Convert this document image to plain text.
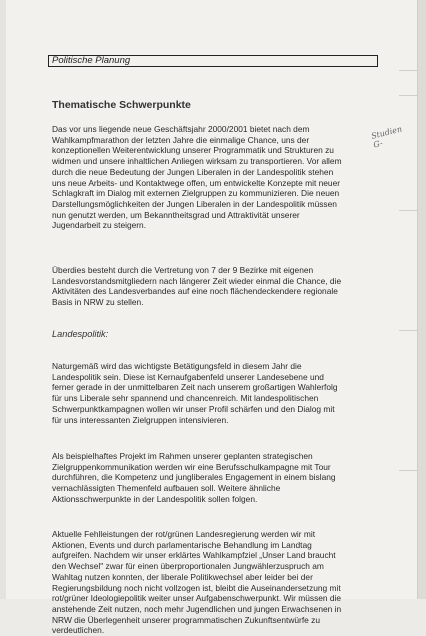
Politische Planung
Thematische Schwerpunkte

Das vor uns liegende neue Geschäftsjahr 2000/2001 bietet nach dem
Wahlkampfmarathon der letzten Jahre die einmalige Chance, uns der
konzeptionellen Weiterentwicklung unserer Programmatik und Strukturen zu
widmen und unsere inhaltlichen Anliegen wirksam zu transportieren. Vor allem
durch die neue Bedeutung der Jungen Liberalen in der Landespolitik stehen
uns neue Arbeits- und Kontaktwege offen, um entwickelte Konzepte mit neuer
Schlagkraft im Dialog mit externen Zielgruppen zu kommunizieren. Die neuen
Darstellungsmöglichkeiten der Jungen Liberalen in der Landespolitik müssen
nun genutzt werden, um Bekanntheitsgrad und Attraktivität unserer
Jugendarbeit zu steigern.

Überdies besteht durch die Vertretung von 7 der 9 Bezirke mit eigenen
Landesvorstandsmitgliedern nach längerer Zeit wieder einmal die Chance, die
Aktivitäten des Landesverbandes auf eine noch flächendeckendere regionale
Basis in NRW zu stellen.

Landespolitik:

Naturgemäß wird das wichtigste Betätigungsfeld in diesem Jahr die
Landespolitik sein. Diese ist Kernaufgabenfeld unserer Landesebene und
ferner gerade in der unmittelbaren Zeit nach unserem großartigen Wahlerfolg
für uns Liberale sehr spannend und chancenreich. Mit landespolitischen
Schwerpunktkampagnen wollen wir unser Profil schärfen und den Dialog mit
für uns interessanten Zielgruppen intensivieren.

Als beispielhaftes Projekt im Rahmen unserer geplanten strategischen
Zielgruppenkommunikation werden wir eine Berufsschulkampagne mit Tour
durchführen, die Kompetenz und jungliberales Engagement in einem bislang
vernachlässigten Themenfeld aufbauen soll. Weitere ähnliche
Aktionsschwerpunkte in der Landespolitik sollen folgen.

Aktuelle Fehlleistungen der rot/grünen Landesregierung werden wir mit
Aktionen, Events und durch parlamentarische Behandlung im Landtag
aufgreifen. Nachdem wir unser erklärtes Wahlkampfziel „Unser Land braucht
den Wechsel" zwar für einen überproportionalen Jungwählerzuspruch am
Wahltag nutzen konnten, der liberale Politikwechsel aber leider bei der
Regierungsbildung noch nicht vollzogen ist, bleibt die Auseinandersetzung mit
rot/grüner Ideologiepolitik weiter unser Aufgabenschwerpunkt. Wir müssen die
anstehende Zeit nutzen, noch mehr Jugendlichen und jungen Erwachsenen in
NRW die Überlegenheit unserer programmatischen Zukunftsentwürfe zu
verdeutlichen.

Studien
G-
